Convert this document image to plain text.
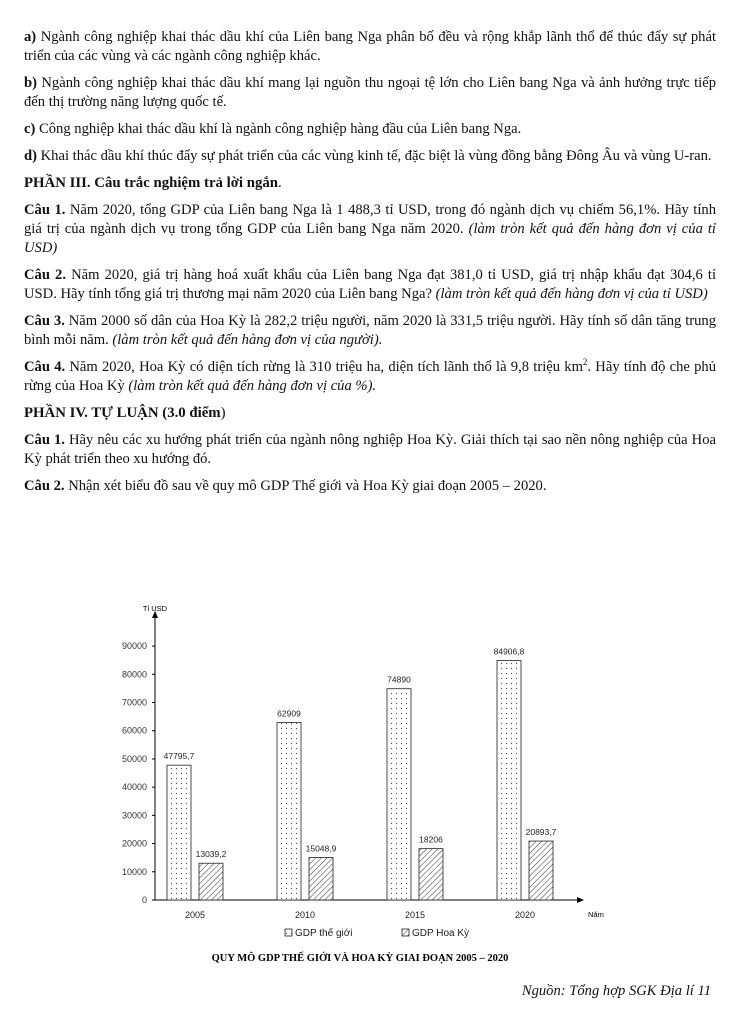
a) Ngành công nghiệp khai thác dầu khí của Liên bang Nga phân bố đều và rộng khắp lãnh thổ để thúc đẩy sự phát triển của các vùng và các ngành công nghiệp khác.

b) Ngành công nghiệp khai thác dầu khí mang lại nguồn thu ngoại tệ lớn cho Liên bang Nga và ảnh hưởng trực tiếp đến thị trường năng lượng quốc tế.

c) Công nghiệp khai thác dầu khí là ngành công nghiệp hàng đầu của Liên bang Nga.

d) Khai thác dầu khí thúc đẩy sự phát triển của các vùng kinh tế, đặc biệt là vùng đồng bằng Đông Âu và vùng U-ran.

PHẦN III. Câu trắc nghiệm trả lời ngắn.

Câu 1. Năm 2020, tổng GDP của Liên bang Nga là 1 488,3 tỉ USD, trong đó ngành dịch vụ chiếm 56,1%. Hãy tính giá trị của ngành dịch vụ trong tổng GDP của Liên bang Nga năm 2020. (làm tròn kết quả đến hàng đơn vị của tỉ USD)

Câu 2. Năm 2020, giá trị hàng hoá xuất khẩu của Liên bang Nga đạt 381,0 tỉ USD, giá trị nhập khẩu đạt 304,6 tỉ USD. Hãy tính tổng giá trị thương mại năm 2020 của Liên bang Nga? (làm tròn kết quả đến hàng đơn vị của tỉ USD)

Câu 3. Năm 2000 số dân của Hoa Kỳ là 282,2 triệu người, năm 2020 là 331,5 triệu người. Hãy tính số dân tăng trung bình mỗi năm. (làm tròn kết quả đến hàng đơn vị của người).

Câu 4. Năm 2020, Hoa Kỳ có diện tích rừng là 310 triệu ha, diện tích lãnh thổ là 9,8 triệu $km^2$. Hãy tính độ che phủ rừng của Hoa Kỳ (làm tròn kết quả đến hàng đơn vị của %).

PHẦN IV. TỰ LUẬN (3.0 điểm)

Câu 1. Hãy nêu các xu hướng phát triển của ngành nông nghiệp Hoa Kỳ. Giải thích tại sao nền nông nghiệp của Hoa Kỳ phát triển theo xu hướng đó.

Câu 2. Nhận xét biểu đồ sau về quy mô GDP Thế giới và Hoa Kỳ giai đoạn 2005 – 2020.

Tỉ USD
Năm
0
10000
20000
30000
40000
50000
60000
70000
80000
90000
2005	2010	2015	2020
47795,7
13039,2
62909
15048,9
74890
18206
84906,8
20893,7
GDP thế giới	GDP Hoa Kỳ
QUY MÔ GDP THẾ GIỚI VÀ HOA KỲ GIAI ĐOẠN 2005 – 2020
Nguồn: Tổng hợp SGK Địa lí 11
